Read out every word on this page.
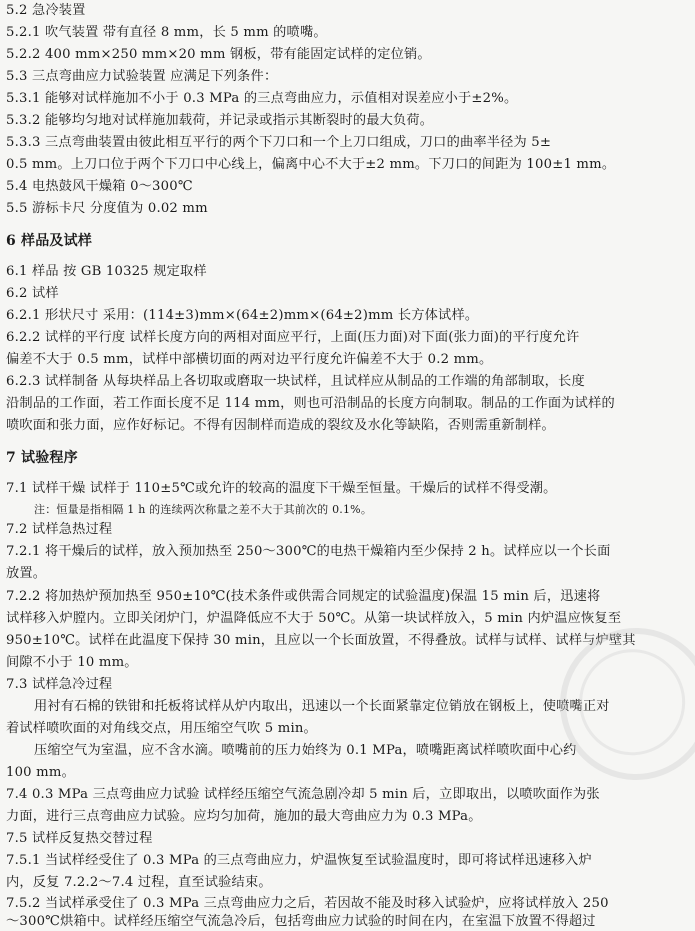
5.2 急冷装置
5.2.1 吹气装置 带有直径 8 mm，长 5 mm 的喷嘴。
5.2.2 400 mm×250 mm×20 mm 钢板，带有能固定试样的定位销。
5.3 三点弯曲应力试验装置 应满足下列条件：
5.3.1 能够对试样施加不小于 0.3 MPa 的三点弯曲应力，示值相对误差应小于±2%。
5.3.2 能够均匀地对试样施加载荷，并记录或指示其断裂时的最大负荷。
5.3.3 三点弯曲装置由彼此相互平行的两个下刀口和一个上刀口组成，刀口的曲率半径为 5±
0.5 mm。上刀口位于两个下刀口中心线上，偏离中心不大于±2 mm。下刀口的间距为 100±1 mm。
5.4 电热鼓风干燥箱 0～300℃
5.5 游标卡尺 分度值为 0.02 mm
6 样品及试样
6.1 样品 按 GB 10325 规定取样
6.2 试样
6.2.1 形状尺寸 采用：(114±3)mm×(64±2)mm×(64±2)mm 长方体试样。
6.2.2 试样的平行度 试样长度方向的两相对面应平行，上面(压力面)对下面(张力面)的平行度允许
偏差不大于 0.5 mm，试样中部横切面的两对边平行度允许偏差不大于 0.2 mm。
6.2.3 试样制备 从每块样品上各切取或磨取一块试样，且试样应从制品的工作端的角部制取，长度
沿制品的工作面，若工作面长度不足 114 mm，则也可沿制品的长度方向制取。制品的工作面为试样的
喷吹面和张力面，应作好标记。不得有因制样而造成的裂纹及水化等缺陷，否则需重新制样。
7 试验程序
7.1 试样干燥 试样于 110±5℃或允许的较高的温度下干燥至恒量。干燥后的试样不得受潮。
注：恒量是指相隔 1 h 的连续两次称量之差不大于其前次的 0.1%。
7.2 试样急热过程
7.2.1 将干燥后的试样，放入预加热至 250～300℃的电热干燥箱内至少保持 2 h。试样应以一个长面
放置。
7.2.2 将加热炉预加热至 950±10℃(技术条件或供需合同规定的试验温度)保温 15 min 后，迅速将
试样移入炉膛内。立即关闭炉门，炉温降低应不大于 50℃。从第一块试样放入，5 min 内炉温应恢复至
950±10℃。试样在此温度下保持 30 min，且应以一个长面放置，不得叠放。试样与试样、试样与炉壁其
间隙不小于 10 mm。
7.3 试样急冷过程
用衬有石棉的铁钳和托板将试样从炉内取出，迅速以一个长面紧靠定位销放在钢板上，使喷嘴正对
着试样喷吹面的对角线交点，用压缩空气吹 5 min。
压缩空气为室温，应不含水滴。喷嘴前的压力始终为 0.1 MPa，喷嘴距离试样喷吹面中心约
100 mm。
7.4 0.3 MPa 三点弯曲应力试验 试样经压缩空气流急剧冷却 5 min 后，立即取出，以喷吹面作为张
力面，进行三点弯曲应力试验。应均匀加荷，施加的最大弯曲应力为 0.3 MPa。
7.5 试样反复热交替过程
7.5.1 当试样经受住了 0.3 MPa 的三点弯曲应力，炉温恢复至试验温度时，即可将试样迅速移入炉
内，反复 7.2.2～7.4 过程，直至试验结束。
7.5.2 当试样承受住了 0.3 MPa 三点弯曲应力之后，若因故不能及时移入试验炉，应将试样放入 250
～300℃烘箱中。试样经压缩空气流急冷后，包括弯曲应力试验的时间在内，在室温下放置不得超过
